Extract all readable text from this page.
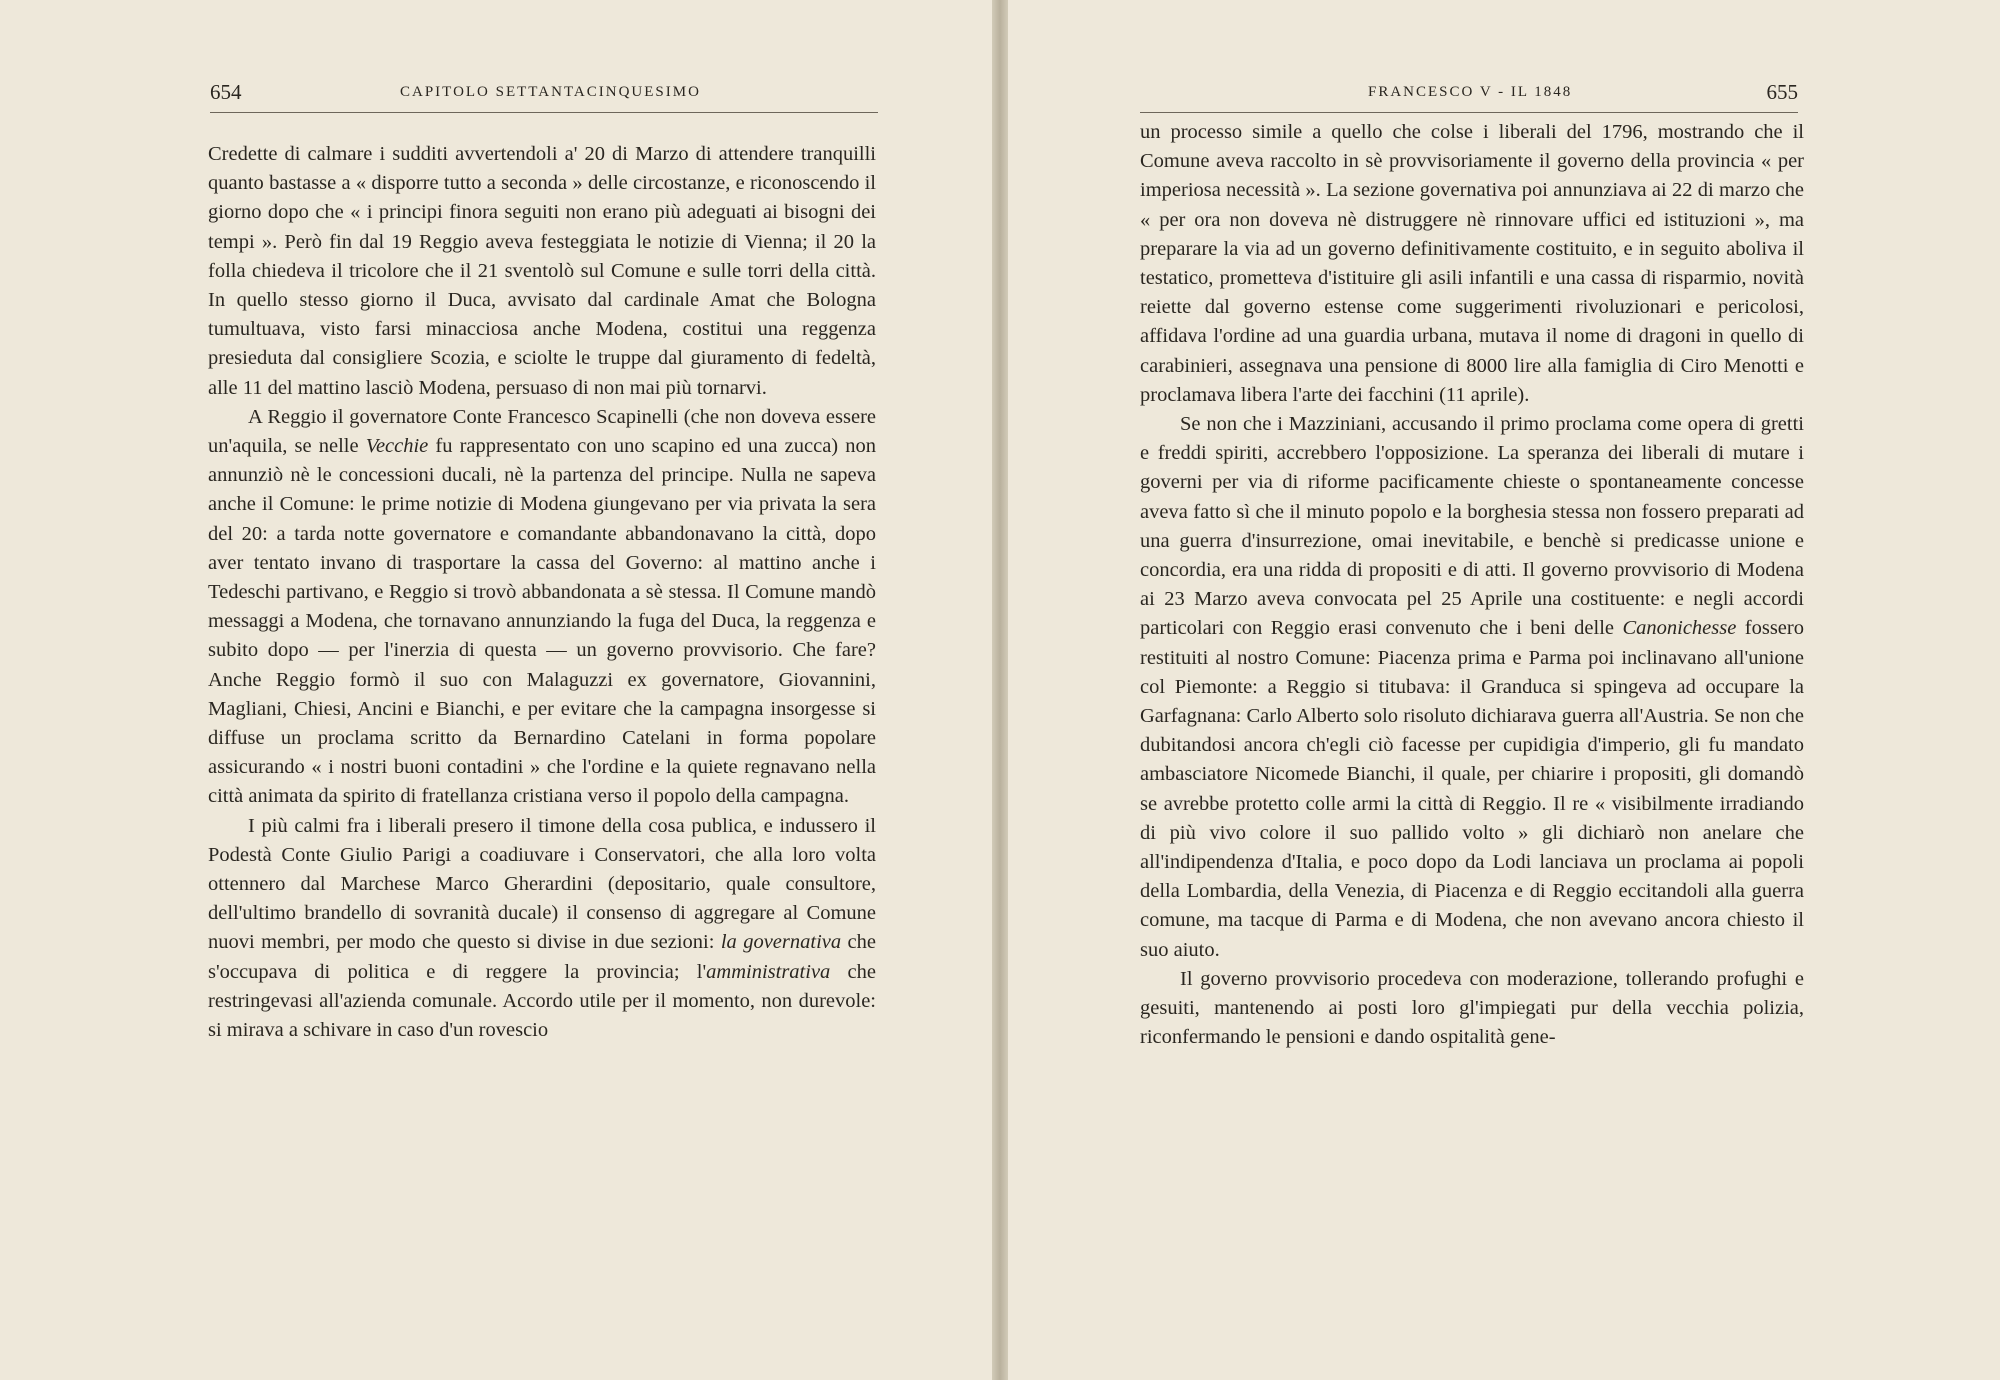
654	CAPITOLO SETTANTACINQUESIMO

Credette di calmare i sudditi avvertendoli a' 20 di Marzo di attendere tranquilli quanto bastasse a « disporre tutto a seconda » delle circostanze, e riconoscendo il giorno dopo che « i principi finora seguiti non erano più adeguati ai bisogni dei tempi ». Però fin dal 19 Reggio aveva festeggiata le notizie di Vienna; il 20 la folla chiedeva il tricolore che il 21 sventolò sul Comune e sulle torri della città. In quello stesso giorno il Duca, avvisato dal cardinale Amat che Bologna tumultuava, visto farsi minacciosa anche Modena, costitui una reggenza presieduta dal consigliere Scozia, e sciolte le truppe dal giuramento di fedeltà, alle 11 del mattino lasciò Modena, persuaso di non mai più tornarvi.

A Reggio il governatore Conte Francesco Scapinelli (che non doveva essere un'aquila, se nelle Vecchie fu rappresentato con uno scapino ed una zucca) non annunziò nè le concessioni ducali, nè la partenza del principe. Nulla ne sapeva anche il Comune: le prime notizie di Modena giungevano per via privata la sera del 20: a tarda notte governatore e comandante abbandonavano la città, dopo aver tentato invano di trasportare la cassa del Governo: al mattino anche i Tedeschi partivano, e Reggio si trovò abbandonata a sè stessa. Il Comune mandò messaggi a Modena, che tornavano annunziando la fuga del Duca, la reggenza e subito dopo — per l'inerzia di questa — un governo provvisorio. Che fare? Anche Reggio formò il suo con Malaguzzi ex governatore, Giovannini, Magliani, Chiesi, Ancini e Bianchi, e per evitare che la campagna insorgesse si diffuse un proclama scritto da Bernardino Catelani in forma popolare assicurando « i nostri buoni contadini » che l'ordine e la quiete regnavano nella città animata da spirito di fratellanza cristiana verso il popolo della campagna.

I più calmi fra i liberali presero il timone della cosa publica, e indussero il Podestà Conte Giulio Parigi a coadiuvare i Conservatori, che alla loro volta ottennero dal Marchese Marco Gherardini (depositario, quale consultore, dell'ultimo brandello di sovranità ducale) il consenso di aggregare al Comune nuovi membri, per modo che questo si divise in due sezioni: la governativa che s'occupava di politica e di reggere la provincia; l'amministrativa che restringevasi all'azienda comunale. Accordo utile per il momento, non durevole: si mirava a schivare in caso d'un rovescio

FRANCESCO V - IL 1848	655

un processo simile a quello che colse i liberali del 1796, mostrando che il Comune aveva raccolto in sè provvisoriamente il governo della provincia « per imperiosa necessità ». La sezione governativa poi annunziava ai 22 di marzo che « per ora non doveva nè distruggere nè rinnovare uffici ed istituzioni », ma preparare la via ad un governo definitivamente costituito, e in seguito aboliva il testatico, prometteva d'istituire gli asili infantili e una cassa di risparmio, novità reiette dal governo estense come suggerimenti rivoluzionari e pericolosi, affidava l'ordine ad una guardia urbana, mutava il nome di dragoni in quello di carabinieri, assegnava una pensione di 8000 lire alla famiglia di Ciro Menotti e proclamava libera l'arte dei facchini (11 aprile).

Se non che i Mazziniani, accusando il primo proclama come opera di gretti e freddi spiriti, accrebbero l'opposizione. La speranza dei liberali di mutare i governi per via di riforme pacificamente chieste o spontaneamente concesse aveva fatto sì che il minuto popolo e la borghesia stessa non fossero preparati ad una guerra d'insurrezione, omai inevitabile, e benchè si predicasse unione e concordia, era una ridda di propositi e di atti. Il governo provvisorio di Modena ai 23 Marzo aveva convocata pel 25 Aprile una costituente: e negli accordi particolari con Reggio erasi convenuto che i beni delle Canonichesse fossero restituiti al nostro Comune: Piacenza prima e Parma poi inclinavano all'unione col Piemonte: a Reggio si titubava: il Granduca si spingeva ad occupare la Garfagnana: Carlo Alberto solo risoluto dichiarava guerra all'Austria. Se non che dubitandosi ancora ch'egli ciò facesse per cupidigia d'imperio, gli fu mandato ambasciatore Nicomede Bianchi, il quale, per chiarire i propositi, gli domandò se avrebbe protetto colle armi la città di Reggio. Il re « visibilmente irradiando di più vivo colore il suo pallido volto » gli dichiarò non anelare che all'indipendenza d'Italia, e poco dopo da Lodi lanciava un proclama ai popoli della Lombardia, della Venezia, di Piacenza e di Reggio eccitandoli alla guerra comune, ma tacque di Parma e di Modena, che non avevano ancora chiesto il suo aiuto.

Il governo provvisorio procedeva con moderazione, tollerando profughi e gesuiti, mantenendo ai posti loro gl'impiegati pur della vecchia polizia, riconfermando le pensioni e dando ospitalità gene-
